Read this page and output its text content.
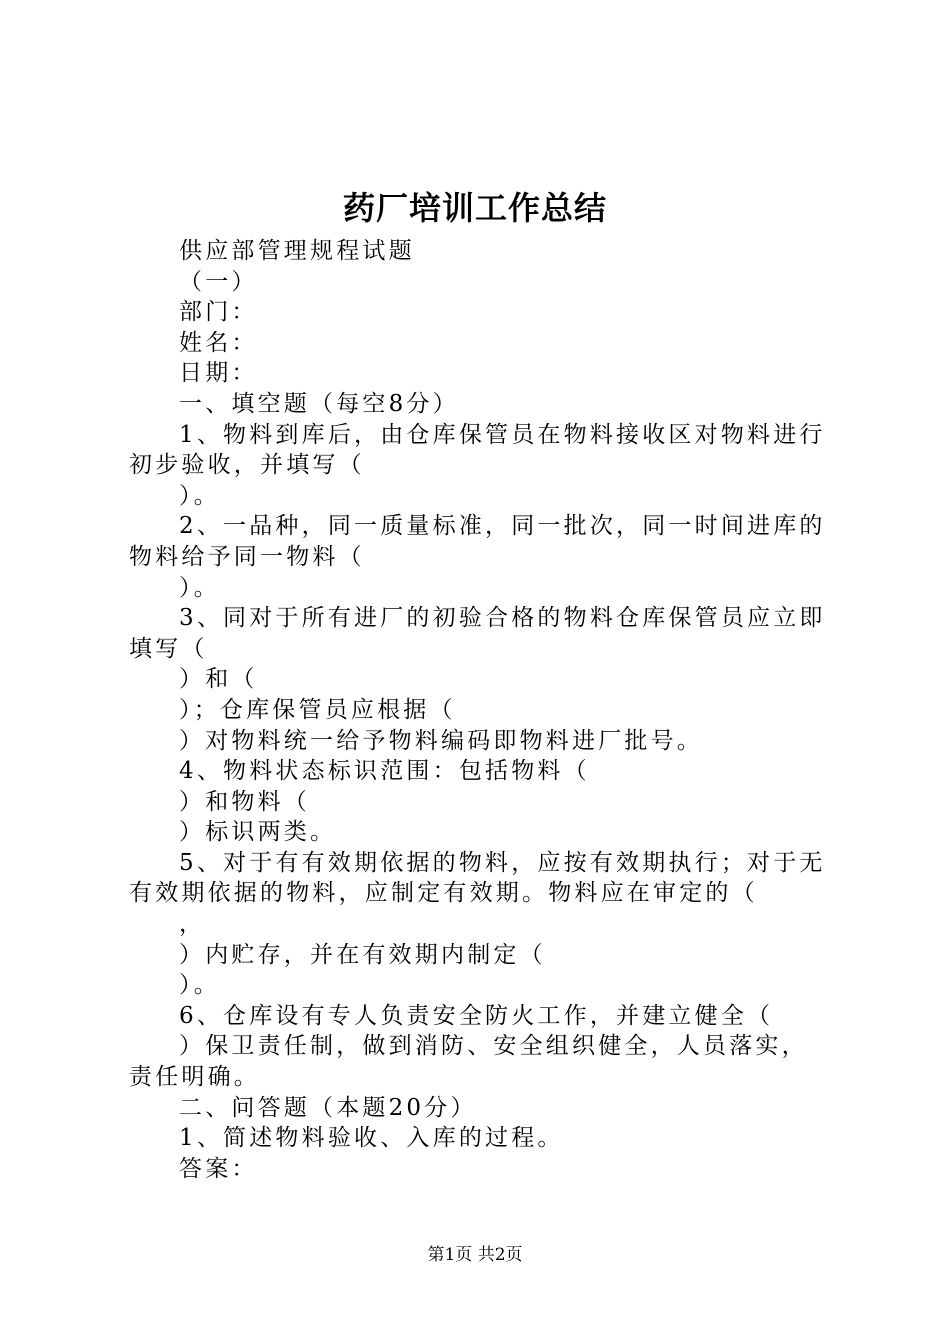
药厂培训工作总结

供应部管理规程试题

（一）

部门：

姓名：

日期：

一、填空题（每空8分）

1、物料到库后，由仓库保管员在物料接收区对物料进行初步验收，并填写（

）。

2、一品种，同一质量标准，同一批次，同一时间进库的物料给予同一物料（

）。

3、同对于所有进厂的初验合格的物料仓库保管员应立即填写（

）和（

）；仓库保管员应根据（

）对物料统一给予物料编码即物料进厂批号。

4、物料状态标识范围：包括物料（

）和物料（

）标识两类。

5、对于有有效期依据的物料，应按有效期执行；对于无有效期依据的物料，应制定有效期。物料应在审定的（

，

）内贮存，并在有效期内制定（

）。

6、仓库设有专人负责安全防火工作，并建立健全（

）保卫责任制，做到消防、安全组织健全，人员落实，责任明确。

二、问答题（本题20分）

1、简述物料验收、入库的过程。

答案：

第1页 共2页
